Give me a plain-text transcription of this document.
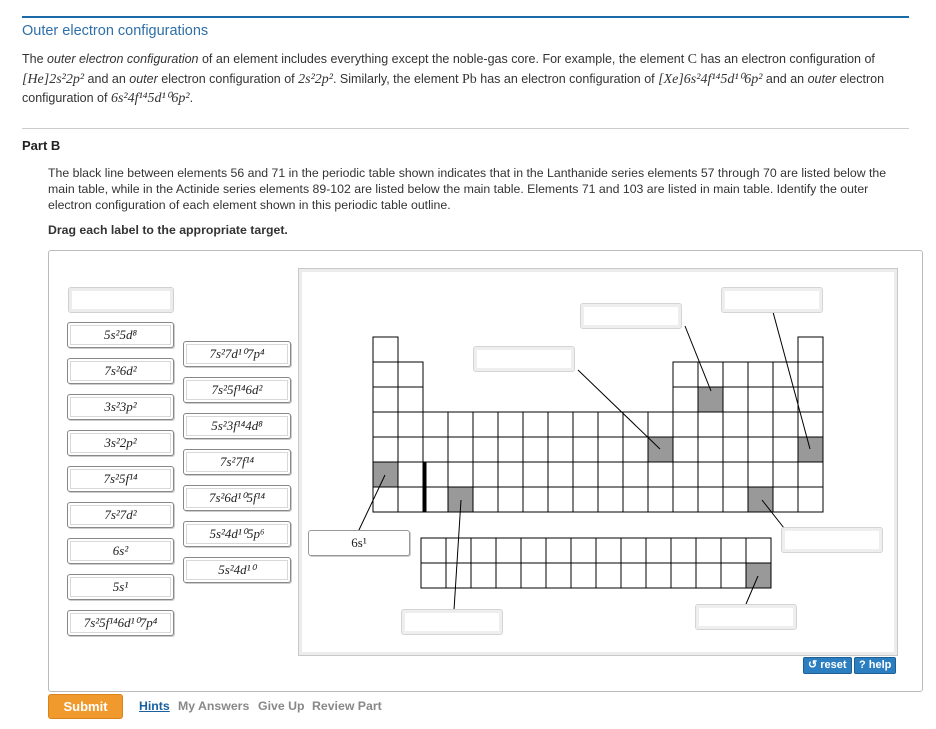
Outer electron configurations
The outer electron configuration of an element includes everything except the noble-gas core. For example, the element C has an electron configuration of [He]2s²2p² and an outer electron configuration of 2s²2p². Similarly, the element Pb has an electron configuration of [Xe]6s²4f¹⁴5d¹⁰6p² and an outer electron configuration of 6s²4f¹⁴5d¹⁰6p².
Part B
The black line between elements 56 and 71 in the periodic table shown indicates that in the Lanthanide series elements 57 through 70 are listed below the main table, while in the Actinide series elements 89-102 are listed below the main table. Elements 71 and 103 are listed in main table. Identify the outer electron configuration of each element shown in this periodic table outline.
Drag each label to the appropriate target.
5s²5d⁸
7s²6d²
3s²3p²
3s²2p²
7s²5f¹⁴
7s²7d²
6s²
5s¹
7s²5f¹⁴6d¹⁰7p⁴
7s²7d¹⁰7p⁴
7s²5f¹⁴6d²
5s²3f¹⁴4d⁸
7s²7f¹⁴
7s²6d¹⁰5f¹⁴
5s²4d¹⁰5p⁶
5s²4d¹⁰
6s¹
↺ reset	? help
Submit	Hints My Answers Give Up Review Part
